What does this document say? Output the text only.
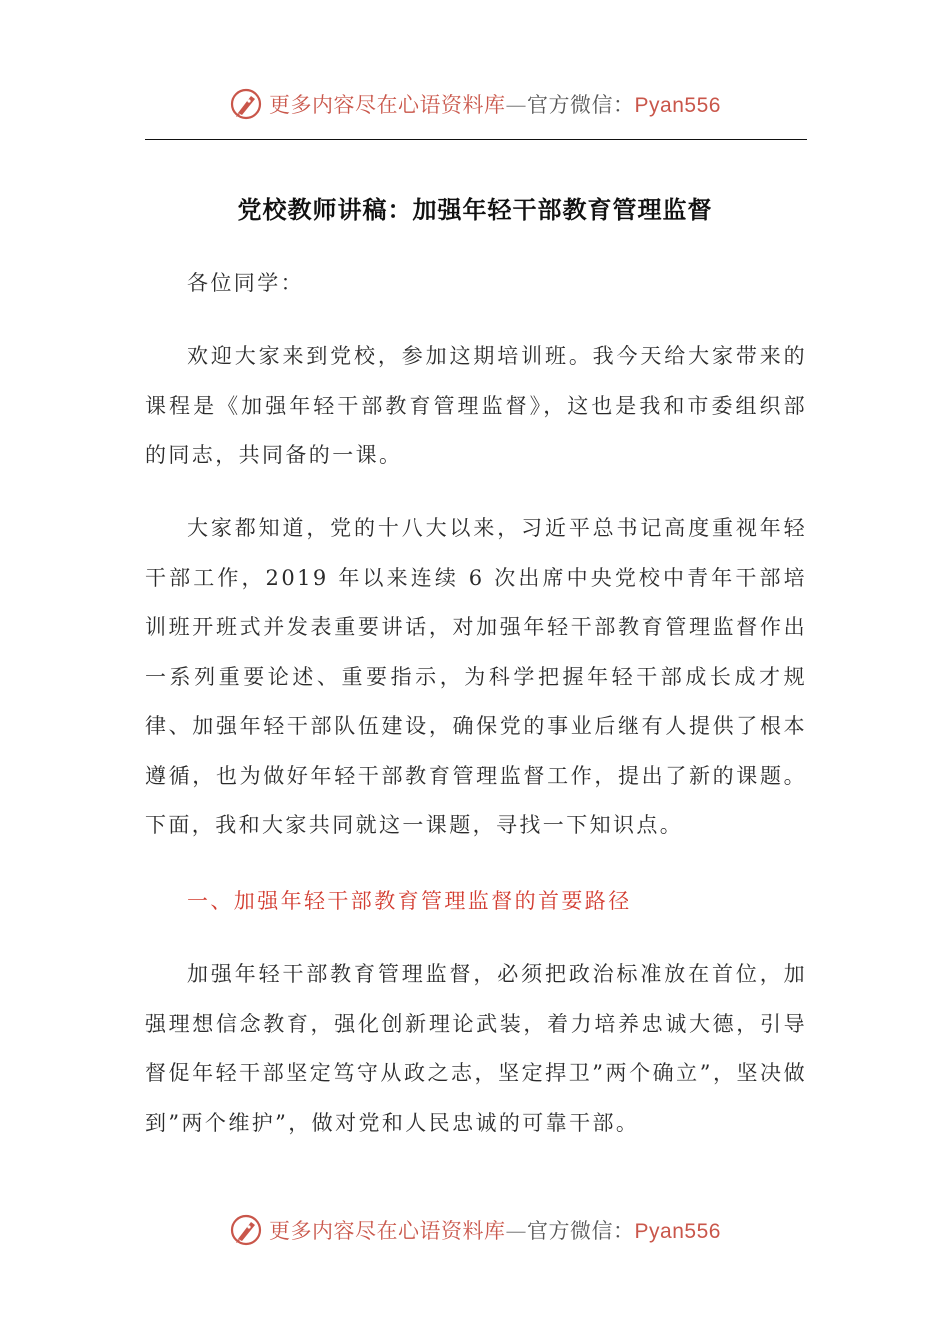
更多内容尽在心语资料库—官方微信：Pyan556
党校教师讲稿：加强年轻干部教育管理监督

各位同学：

欢迎大家来到党校，参加这期培训班。我今天给大家带来的课程是《加强年轻干部教育管理监督》，这也是我和市委组织部的同志，共同备的一课。

大家都知道，党的十八大以来，习近平总书记高度重视年轻干部工作，2019 年以来连续 6 次出席中央党校中青年干部培训班开班式并发表重要讲话，对加强年轻干部教育管理监督作出一系列重要论述、重要指示，为科学把握年轻干部成长成才规律、加强年轻干部队伍建设，确保党的事业后继有人提供了根本遵循，也为做好年轻干部教育管理监督工作，提出了新的课题。下面，我和大家共同就这一课题，寻找一下知识点。

一、加强年轻干部教育管理监督的首要路径

加强年轻干部教育管理监督，必须把政治标准放在首位，加强理想信念教育，强化创新理论武装，着力培养忠诚大德，引导督促年轻干部坚定笃守从政之志，坚定捍卫”两个确立”，坚决做到”两个维护”，做对党和人民忠诚的可靠干部。

更多内容尽在心语资料库—官方微信：Pyan556
